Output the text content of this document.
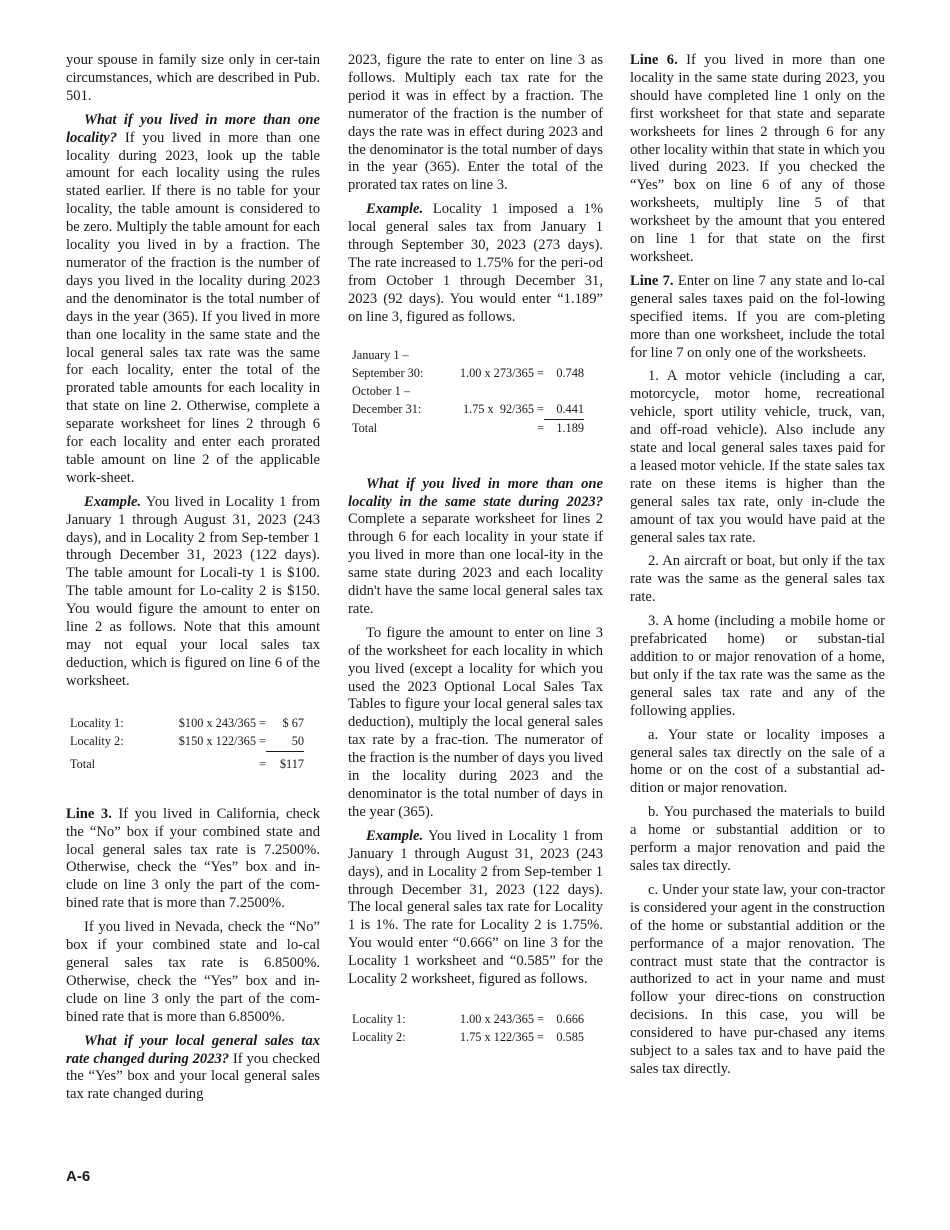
your spouse in family size only in cer-tain circumstances, which are described in Pub. 501.

What if you lived in more than one locality? If you lived in more than one locality during 2023, look up the table amount for each locality using the rules stated earlier. If there is no table for your locality, the table amount is considered to be zero. Multiply the table amount for each locality you lived in by a fraction. The numerator of the fraction is the number of days you lived in the locality during 2023 and the denominator is the total number of days in the year (365). If you lived in more than one locality in the same state and the local general sales tax rate was the same for each locality, enter the total of the prorated table amounts for each locality in that state on line 2. Otherwise, complete a separate worksheet for lines 2 through 6 for each locality and enter each prorated table amount on line 2 of the applicable work-sheet.

Example. You lived in Locality 1 from January 1 through August 31, 2023 (243 days), and in Locality 2 from Sep-tember 1 through December 31, 2023 (122 days). The table amount for Locali-ty 1 is $100. The table amount for Lo-cality 2 is $150. You would figure the amount to enter on line 2 as follows. Note that this amount may not equal your local sales tax deduction, which is figured on line 6 of the worksheet.

Locality 1:	$100 x 243/365 =	$ 67
Locality 2:	$150 x 122/365 =	50
Total	=	$117

Line 3. If you lived in California, check the “No” box if your combined state and local general sales tax rate is 7.2500%. Otherwise, check the “Yes” box and in-clude on line 3 only the part of the com-bined rate that is more than 7.2500%.

If you lived in Nevada, check the “No” box if your combined state and lo-cal general sales tax rate is 6.8500%. Otherwise, check the “Yes” box and in-clude on line 3 only the part of the com-bined rate that is more than 6.8500%.

What if your local general sales tax rate changed during 2023? If you checked the “Yes” box and your local general sales tax rate changed during

2023, figure the rate to enter on line 3 as follows. Multiply each tax rate for the period it was in effect by a fraction. The numerator of the fraction is the number of days the rate was in effect during 2023 and the denominator is the total number of days in the year (365). Enter the total of the prorated tax rates on line 3.

Example. Locality 1 imposed a 1% local general sales tax from January 1 through September 30, 2023 (273 days). The rate increased to 1.75% for the peri-od from October 1 through December 31, 2023 (92 days). You would enter “1.189” on line 3, figured as follows.

January 1 –		
September 30:	1.00 x 273/365 =	0.748
October 1 –		
December 31:	1.75 x  92/365 =	0.441
Total	=	1.189

What if you lived in more than one locality in the same state during 2023? Complete a separate worksheet for lines 2 through 6 for each locality in your state if you lived in more than one local-ity in the same state during 2023 and each locality didn't have the same local general sales tax rate.

To figure the amount to enter on line 3 of the worksheet for each locality in which you lived (except a locality for which you used the 2023 Optional Local Sales Tax Tables to figure your local general sales tax deduction), multiply the local general sales tax rate by a frac-tion. The numerator of the fraction is the number of days you lived in the locality during 2023 and the denominator is the total number of days in the year (365).

Example. You lived in Locality 1 from January 1 through August 31, 2023 (243 days), and in Locality 2 from Sep-tember 1 through December 31, 2023 (122 days). The local general sales tax rate for Locality 1 is 1%. The rate for Locality 2 is 1.75%. You would enter “0.666” on line 3 for the Locality 1 worksheet and “0.585” for the Locality 2 worksheet, figured as follows.

Locality 1:	1.00 x 243/365 =	0.666
Locality 2:	1.75 x 122/365 =	0.585

Line 6. If you lived in more than one locality in the same state during 2023, you should have completed line 1 only on the first worksheet for that state and separate worksheets for lines 2 through 6 for any other locality within that state in which you lived during 2023. If you checked the “Yes” box on line 6 of any of those worksheets, multiply line 5 of that worksheet by the amount that you entered on line 1 for that state on the first worksheet.

Line 7. Enter on line 7 any state and lo-cal general sales taxes paid on the fol-lowing specified items. If you are com-pleting more than one worksheet, include the total for line 7 on only one of the worksheets.

1. A motor vehicle (including a car, motorcycle, motor home, recreational vehicle, sport utility vehicle, truck, van, and off-road vehicle). Also include any state and local general sales taxes paid for a leased motor vehicle. If the state sales tax rate on these items is higher than the general sales tax rate, only in-clude the amount of tax you would have paid at the general sales tax rate.

2. An aircraft or boat, but only if the tax rate was the same as the general sales tax rate.

3. A home (including a mobile home or prefabricated home) or substan-tial addition to or major renovation of a home, but only if the tax rate was the same as the general sales tax rate and any of the following applies.

a. Your state or locality imposes a general sales tax directly on the sale of a home or on the cost of a substantial ad-dition or major renovation.

b. You purchased the materials to build a home or substantial addition or to perform a major renovation and paid the sales tax directly.

c. Under your state law, your con-tractor is considered your agent in the construction of the home or substantial addition or the performance of a major renovation. The contract must state that the contractor is authorized to act in your name and must follow your direc-tions on construction decisions. In this case, you will be considered to have pur-chased any items subject to a sales tax and to have paid the sales tax directly.

A-6
